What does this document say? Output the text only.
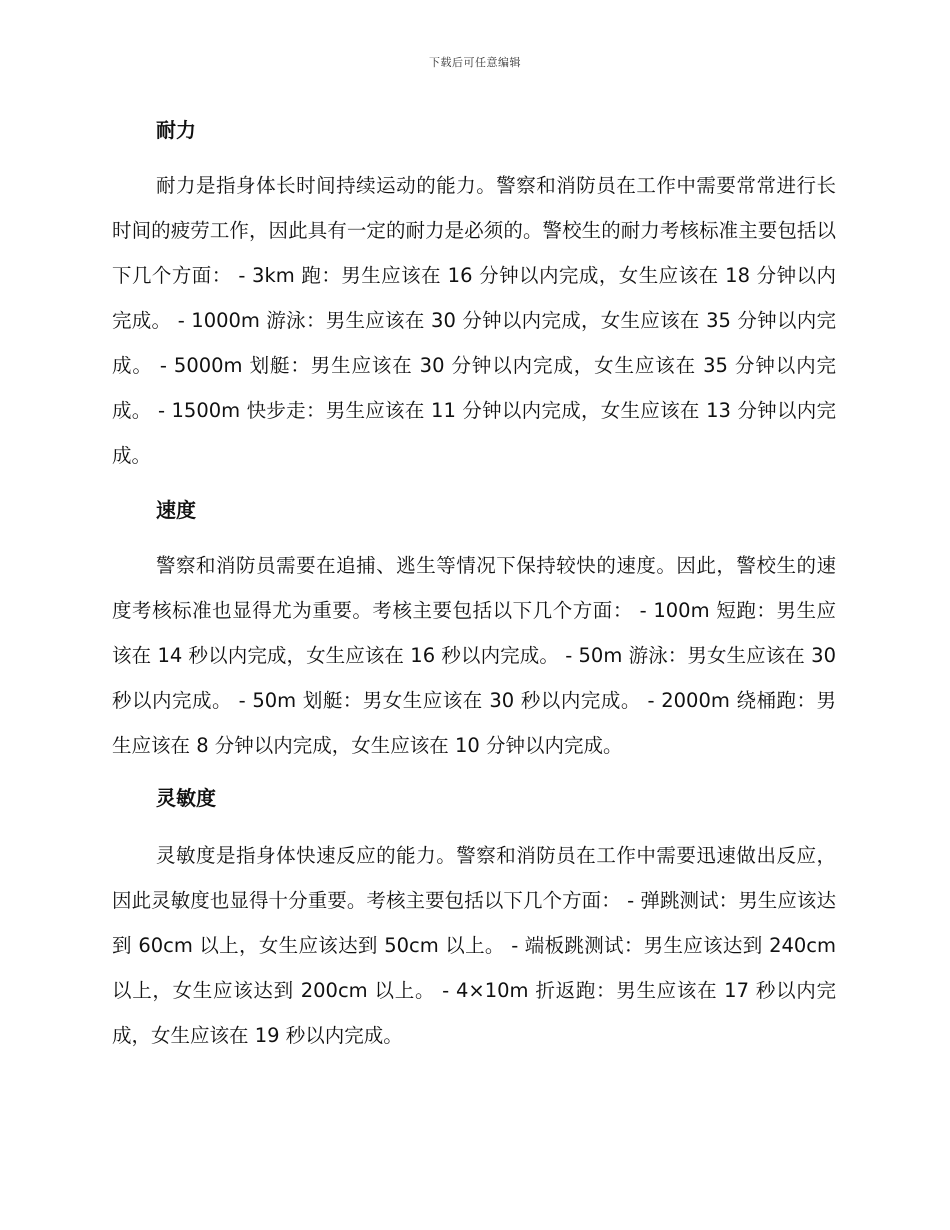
下载后可任意编辑
耐力

耐力是指身体长时间持续运动的能力。警察和消防员在工作中需要常常进行长时间的疲劳工作，因此具有一定的耐力是必须的。警校生的耐力考核标准主要包括以下几个方面： - 3km 跑：男生应该在 16 分钟以内完成，女生应该在 18 分钟以内完成。 - 1000m 游泳：男生应该在 30 分钟以内完成，女生应该在 35 分钟以内完成。 - 5000m 划艇：男生应该在 30 分钟以内完成，女生应该在 35 分钟以内完成。 - 1500m 快步走：男生应该在 11 分钟以内完成，女生应该在 13 分钟以内完成。

速度

警察和消防员需要在追捕、逃生等情况下保持较快的速度。因此，警校生的速度考核标准也显得尤为重要。考核主要包括以下几个方面： - 100m 短跑：男生应该在 14 秒以内完成，女生应该在 16 秒以内完成。 - 50m 游泳：男女生应该在 30 秒以内完成。 - 50m 划艇：男女生应该在 30 秒以内完成。 - 2000m 绕桶跑：男生应该在 8 分钟以内完成，女生应该在 10 分钟以内完成。

灵敏度

灵敏度是指身体快速反应的能力。警察和消防员在工作中需要迅速做出反应，因此灵敏度也显得十分重要。考核主要包括以下几个方面： - 弹跳测试：男生应该达到 60cm 以上，女生应该达到 50cm 以上。 - 端板跳测试：男生应该达到 240cm 以上，女生应该达到 200cm 以上。 - 4×10m 折返跑：男生应该在 17 秒以内完成，女生应该在 19 秒以内完成。
